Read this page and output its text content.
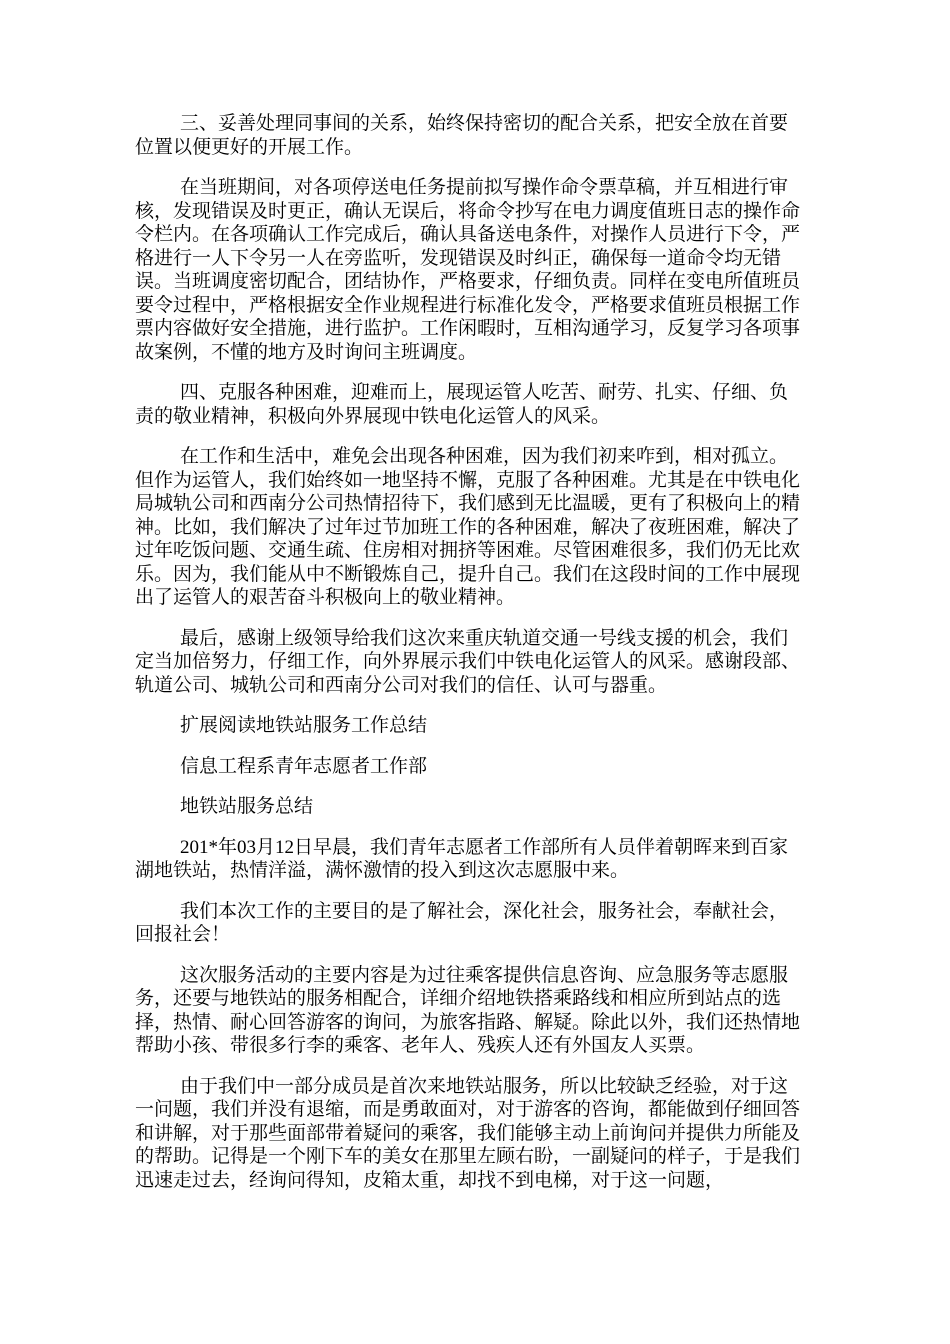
三、妥善处理同事间的关系，始终保持密切的配合关系，把安全放在首要位置以便更好的开展工作。

在当班期间，对各项停送电任务提前拟写操作命令票草稿，并互相进行审核，发现错误及时更正，确认无误后，将命令抄写在电力调度值班日志的操作命令栏内。在各项确认工作完成后，确认具备送电条件，对操作人员进行下令，严格进行一人下令另一人在旁监听，发现错误及时纠正，确保每一道命令均无错误。当班调度密切配合，团结协作，严格要求，仔细负责。同样在变电所值班员要令过程中，严格根据安全作业规程进行标准化发令，严格要求值班员根据工作票内容做好安全措施，进行监护。工作闲暇时，互相沟通学习，反复学习各项事故案例，不懂的地方及时询问主班调度。

四、克服各种困难，迎难而上，展现运管人吃苦、耐劳、扎实、仔细、负责的敬业精神，积极向外界展现中铁电化运管人的风采。

在工作和生活中，难免会出现各种困难，因为我们初来咋到，相对孤立。但作为运管人，我们始终如一地坚持不懈，克服了各种困难。尤其是在中铁电化局城轨公司和西南分公司热情招待下，我们感到无比温暖，更有了积极向上的精神。比如，我们解决了过年过节加班工作的各种困难，解决了夜班困难，解决了过年吃饭问题、交通生疏、住房相对拥挤等困难。尽管困难很多，我们仍无比欢乐。因为，我们能从中不断锻炼自己，提升自己。我们在这段时间的工作中展现出了运管人的艰苦奋斗积极向上的敬业精神。

最后，感谢上级领导给我们这次来重庆轨道交通一号线支援的机会，我们定当加倍努力，仔细工作，向外界展示我们中铁电化运管人的风采。感谢段部、轨道公司、城轨公司和西南分公司对我们的信任、认可与器重。

扩展阅读地铁站服务工作总结

信息工程系青年志愿者工作部

地铁站服务总结

201*年03月12日早晨，我们青年志愿者工作部所有人员伴着朝晖来到百家湖地铁站，热情洋溢，满怀激情的投入到这次志愿服中来。

我们本次工作的主要目的是了解社会，深化社会，服务社会，奉献社会，回报社会！

这次服务活动的主要内容是为过往乘客提供信息咨询、应急服务等志愿服务，还要与地铁站的服务相配合，详细介绍地铁搭乘路线和相应所到站点的选择，热情、耐心回答游客的询问，为旅客指路、解疑。除此以外，我们还热情地帮助小孩、带很多行李的乘客、老年人、残疾人还有外国友人买票。

由于我们中一部分成员是首次来地铁站服务，所以比较缺乏经验，对于这一问题，我们并没有退缩，而是勇敢面对，对于游客的咨询，都能做到仔细回答和讲解，对于那些面部带着疑问的乘客，我们能够主动上前询问并提供力所能及的帮助。记得是一个刚下车的美女在那里左顾右盼，一副疑问的样子，于是我们迅速走过去，经询问得知，皮箱太重，却找不到电梯，对于这一问题，
